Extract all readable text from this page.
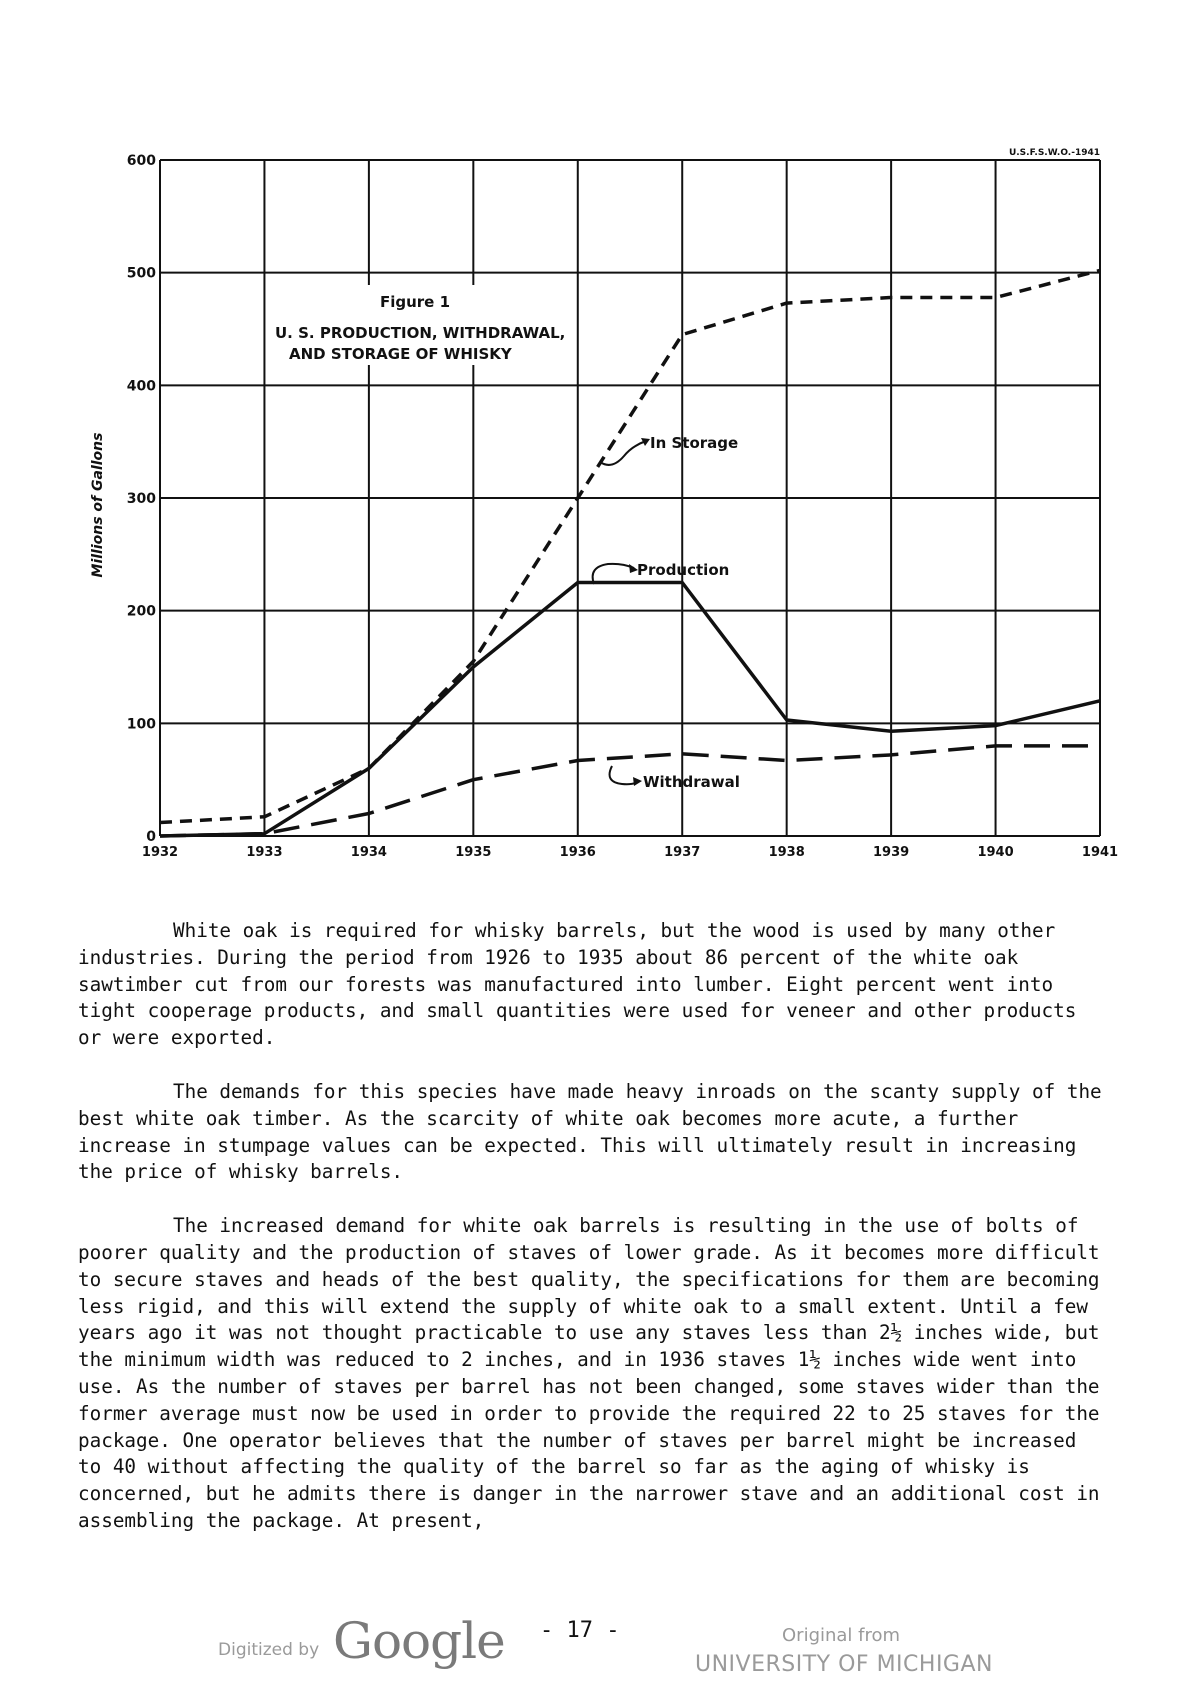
0
100
200
300
400
500
600
1932	1933	1934	1935	1936	1937	1938	1939	1940	1941
U.S.F.S.W.O.-1941
Millions of Gallons
Figure 1
U. S. PRODUCTION, WITHDRAWAL,
AND STORAGE OF WHISKY
In Storage
Production
Withdrawal

White oak is required for whisky barrels, but the wood is used by many other industries. During the period from 1926 to 1935 about 86 percent of the white oak sawtimber cut from our forests was manufactured into lumber. Eight percent went into tight cooperage products, and small quantities were used for veneer and other products or were exported.

The demands for this species have made heavy inroads on the scanty supply of the best white oak timber. As the scarcity of white oak becomes more acute, a further increase in stumpage values can be expected. This will ultimately result in increasing the price of whisky barrels.

The increased demand for white oak barrels is resulting in the use of bolts of poorer quality and the production of staves of lower grade. As it becomes more difficult to secure staves and heads of the best quality, the specifications for them are becoming less rigid, and this will extend the supply of white oak to a small extent. Until a few years ago it was not thought practicable to use any staves less than 2½ inches wide, but the minimum width was reduced to 2 inches, and in 1936 staves 1½ inches wide went into use. As the number of staves per barrel has not been changed, some staves wider than the former average must now be used in order to provide the required 22 to 25 staves for the package. One operator believes that the number of staves per barrel might be increased to 40 without affecting the quality of the barrel so far as the aging of whisky is concerned, but he admits there is danger in the narrower stave and an additional cost in assembling the package. At present,

- 17 -
Digitized by Google	Original from
UNIVERSITY OF MICHIGAN
